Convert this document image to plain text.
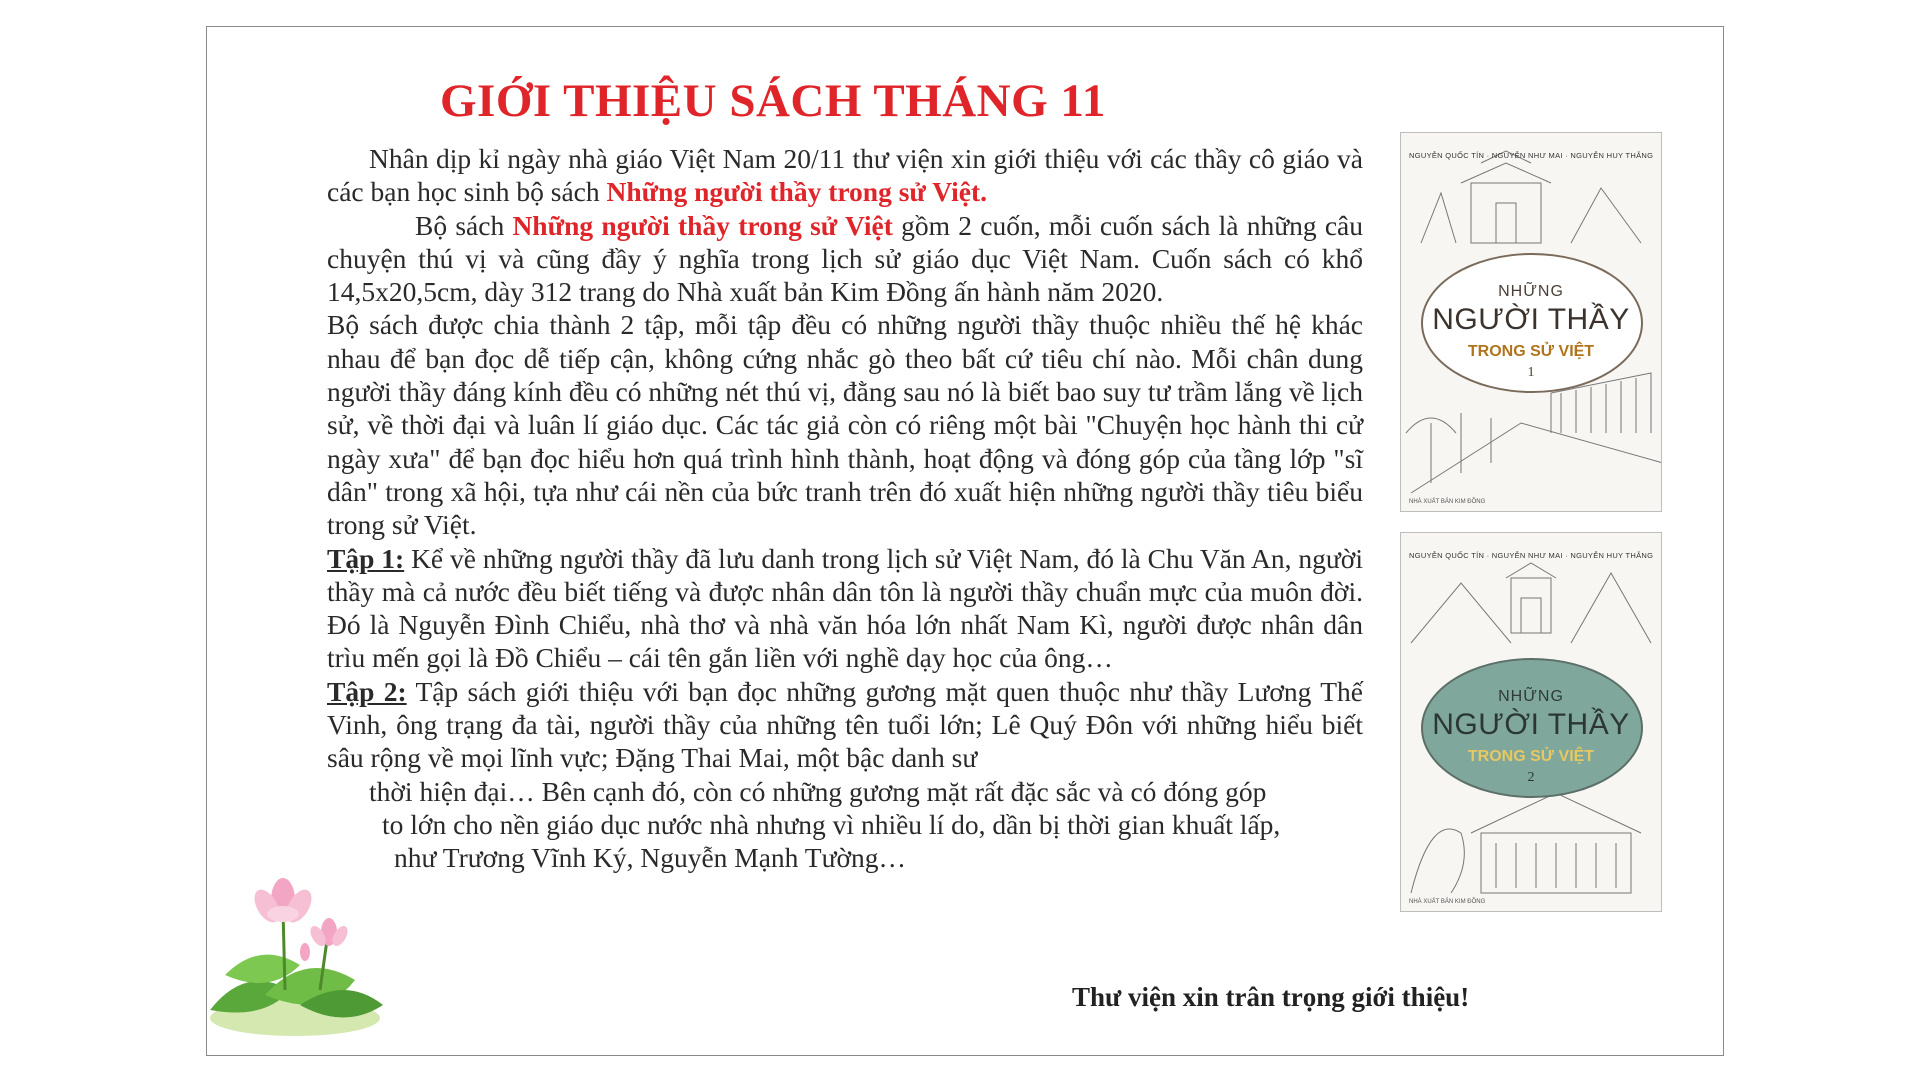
GIỚI THIỆU SÁCH THÁNG 11

Nhân dịp kỉ ngày nhà giáo Việt Nam 20/11 thư viện xin giới thiệu với các thầy cô giáo và các bạn học sinh bộ sách Những người thầy trong sử Việt.

Bộ sách Những người thầy trong sử Việt gồm 2 cuốn, mỗi cuốn sách là những câu chuyện thú vị và cũng đầy ý nghĩa trong lịch sử giáo dục Việt Nam. Cuốn sách có khổ 14,5x20,5cm, dày 312 trang do Nhà xuất bản Kim Đồng ấn hành năm 2020.

Bộ sách được chia thành 2 tập, mỗi tập đều có những người thầy thuộc nhiều thế hệ khác nhau để bạn đọc dễ tiếp cận, không cứng nhắc gò theo bất cứ tiêu chí nào. Mỗi chân dung người thầy đáng kính đều có những nét thú vị, đằng sau nó là biết bao suy tư trầm lắng về lịch sử, về thời đại và luân lí giáo dục. Các tác giả còn có riêng một bài "Chuyện học hành thi cử ngày xưa" để bạn đọc hiểu hơn quá trình hình thành, hoạt động và đóng góp của tầng lớp "sĩ dân" trong xã hội, tựa như cái nền của bức tranh trên đó xuất hiện những người thầy tiêu biểu trong sử Việt.

Tập 1: Kể về những người thầy đã lưu danh trong lịch sử Việt Nam, đó là Chu Văn An, người thầy mà cả nước đều biết tiếng và được nhân dân tôn là người thầy chuẩn mực của muôn đời. Đó là Nguyễn Đình Chiểu, nhà thơ và nhà văn hóa lớn nhất Nam Kì, người được nhân dân trìu mến gọi là Đồ Chiểu – cái tên gắn liền với nghề dạy học của ông…

Tập 2: Tập sách giới thiệu với bạn đọc những gương mặt quen thuộc như thầy Lương Thế Vinh, ông trạng đa tài, người thầy của những tên tuổi lớn; Lê Quý Đôn với những hiểu biết sâu rộng về mọi lĩnh vực; Đặng Thai Mai, một bậc danh sư

thời hiện đại… Bên cạnh đó, còn có những gương mặt rất đặc sắc và có đóng góp

to lớn cho nền giáo dục nước nhà nhưng vì nhiều lí do, dần bị thời gian khuất lấp,

như Trương Vĩnh Ký, Nguyễn Mạnh Tường…

Thư viện xin trân trọng giới thiệu!
NGUYỄN QUỐC TÍN · NGUYỄN NHƯ MAI · NGUYỄN HUY THẮNG
NHỮNG
NGƯỜI THẦY
TRONG SỬ VIỆT
1
NHÀ XUẤT BẢN KIM ĐỒNG
NGUYỄN QUỐC TÍN · NGUYỄN NHƯ MAI · NGUYỄN HUY THẮNG
NHỮNG
NGƯỜI THẦY
TRONG SỬ VIỆT
2
NHÀ XUẤT BẢN KIM ĐỒNG
